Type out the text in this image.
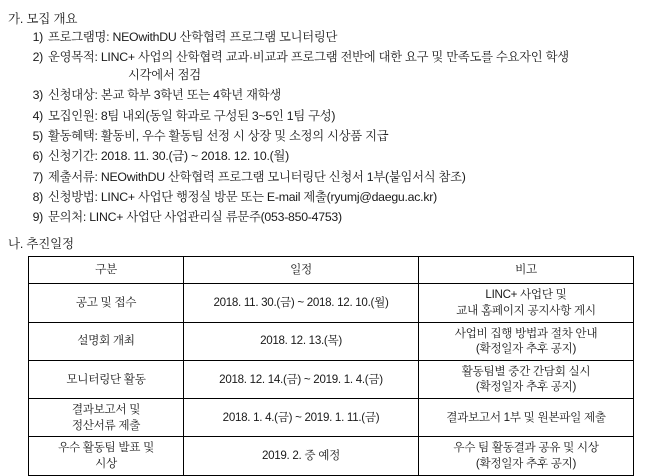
가. 모집 개요
1) 프로그램명: NEOwithDU 산학협력 프로그램 모니터링단
2) 운영목적: LINC+ 사업의 산학협력 교과·비교과 프로그램 전반에 대한 요구 및 만족도를 수요자인 학생
시각에서 점검
3) 신청대상: 본교 학부 3학년 또는 4학년 재학생
4) 모집인원: 8팀 내외(동일 학과로 구성된 3~5인 1팀 구성)
5) 활동혜택: 활동비, 우수 활동팀 선정 시 상장 및 소정의 시상품 지급
6) 신청기간: 2018. 11. 30.(금) ~ 2018. 12. 10.(월)
7) 제출서류: NEOwithDU 산학협력 프로그램 모니터링단 신청서 1부(붙임서식 참조)
8) 신청방법: LINC+ 사업단 행정실 방문 또는 E-mail 제출(ryumj@daegu.ac.kr)
9) 문의처: LINC+ 사업단 사업관리실 류문주(053-850-4753)
나. 추진일정
구분	일정	비고
공고 및 접수	2018. 11. 30.(금) ~ 2018. 12. 10.(월)	LINC+ 사업단 및
교내 홈페이지 공지사항 게시

설명회 개최	2018. 12. 13.(목)	사업비 집행 방법과 절차 안내
(확정일자 추후 공지)

모니터링단 활동	2018. 12. 14.(금) ~ 2019. 1. 4.(금)	활동팀별 중간 간담회 실시
(확정일자 추후 공지)

결과보고서 및
정산서류 제출	2018. 1. 4.(금) ~ 2019. 1. 11.(금)	결과보고서 1부 및 원본파일 제출

우수 활동팀 발표 및
시상	2019. 2. 중 예정	우수 팀 활동결과 공유 및 시상
(확정일자 추후 공지)
